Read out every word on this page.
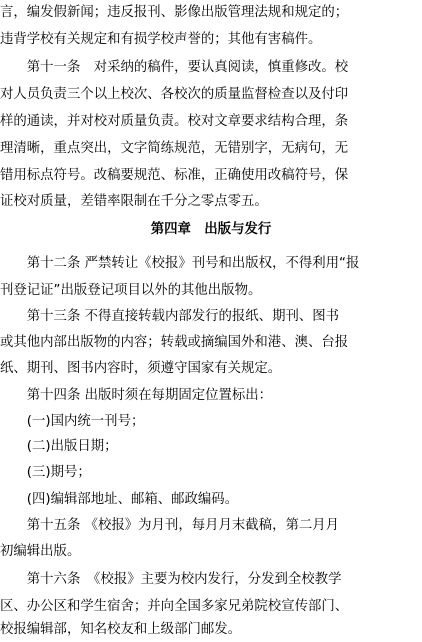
言，编发假新闻；违反报刊、影像出版管理法规和规定的；
违背学校有关规定和有损学校声誉的；其他有害稿件。
　　第十一条　对采纳的稿件，要认真阅读，慎重修改。校
对人员负责三个以上校次、各校次的质量监督检查以及付印
样的通读，并对校对质量负责。校对文章要求结构合理，条
理清晰，重点突出，文字简练规范，无错别字，无病句，无
错用标点符号。改稿要规范、标准，正确使用改稿符号，保
证校对质量，差错率限制在千分之零点零五。
第四章　出版与发行
　　第十二条 严禁转让《校报》刊号和出版权，不得利用“报
刊登记证”出版登记项目以外的其他出版物。
　　第十三条 不得直接转载内部发行的报纸、期刊、图书
或其他内部出版物的内容；转载或摘编国外和港、澳、台报
纸、期刊、图书内容时，须遵守国家有关规定。
　　第十四条 出版时须在每期固定位置标出：
　　(一)国内统一刊号；
　　(二)出版日期；
　　(三)期号；
　　(四)编辑部地址、邮箱、邮政编码。
　　第十五条 《校报》为月刊，每月月末截稿，第二月月
初编辑出版。
　　第十六条　《校报》主要为校内发行，分发到全校教学
区、办公区和学生宿舍；并向全国多家兄弟院校宣传部门、
校报编辑部，知名校友和上级部门邮发。
